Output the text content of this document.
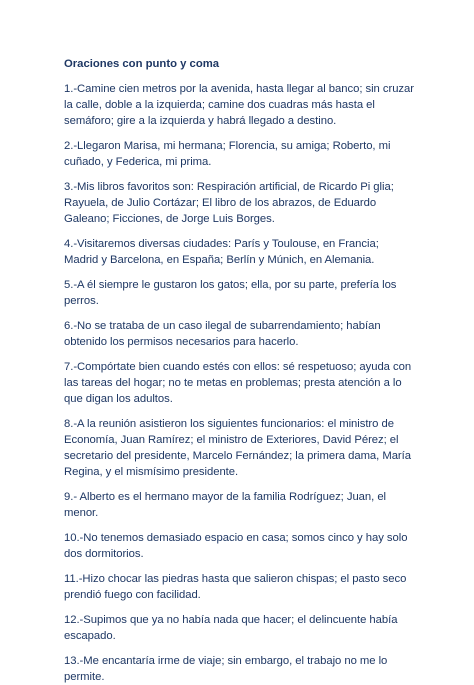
Oraciones con punto y coma

1.-Camine cien metros por la avenida, hasta llegar al banco; sin cruzar la calle, doble a la izquierda; camine dos cuadras más hasta el semáforo; gire a la izquierda y habrá llegado a destino.

2.-Llegaron Marisa, mi hermana; Florencia, su amiga; Roberto, mi cuñado, y Federica, mi prima.

3.-Mis libros favoritos son: Respiración artificial, de Ricardo Pi glia; Rayuela, de Julio Cortázar; El libro de los abrazos, de Eduardo Galeano; Ficciones, de Jorge Luis Borges.

4.-Visitaremos diversas ciudades: París y Toulouse, en Francia; Madrid y Barcelona, en España; Berlín y Múnich, en Alemania.

5.-A él siempre le gustaron los gatos; ella, por su parte, prefería los perros.

6.-No se trataba de un caso ilegal de subarrendamiento; habían obtenido los permisos necesarios para hacerlo.

7.-Compórtate bien cuando estés con ellos: sé respetuoso; ayuda con las tareas del hogar; no te metas en problemas; presta atención a lo que digan los adultos.

8.-A la reunión asistieron los siguientes funcionarios: el ministro de Economía, Juan Ramírez; el ministro de Exteriores, David Pérez; el secretario del presidente, Marcelo Fernández; la primera dama, María Regina, y el mismísimo presidente.

9.- Alberto es el hermano mayor de la familia Rodríguez; Juan, el menor.

10.-No tenemos demasiado espacio en casa; somos cinco y hay solo dos dormitorios.

11.-Hizo chocar las piedras hasta que salieron chispas; el pasto seco prendió fuego con facilidad.

12.-Supimos que ya no había nada que hacer; el delincuente había escapado.

13.-Me encantaría irme de viaje; sin embargo, el trabajo no me lo permite.
